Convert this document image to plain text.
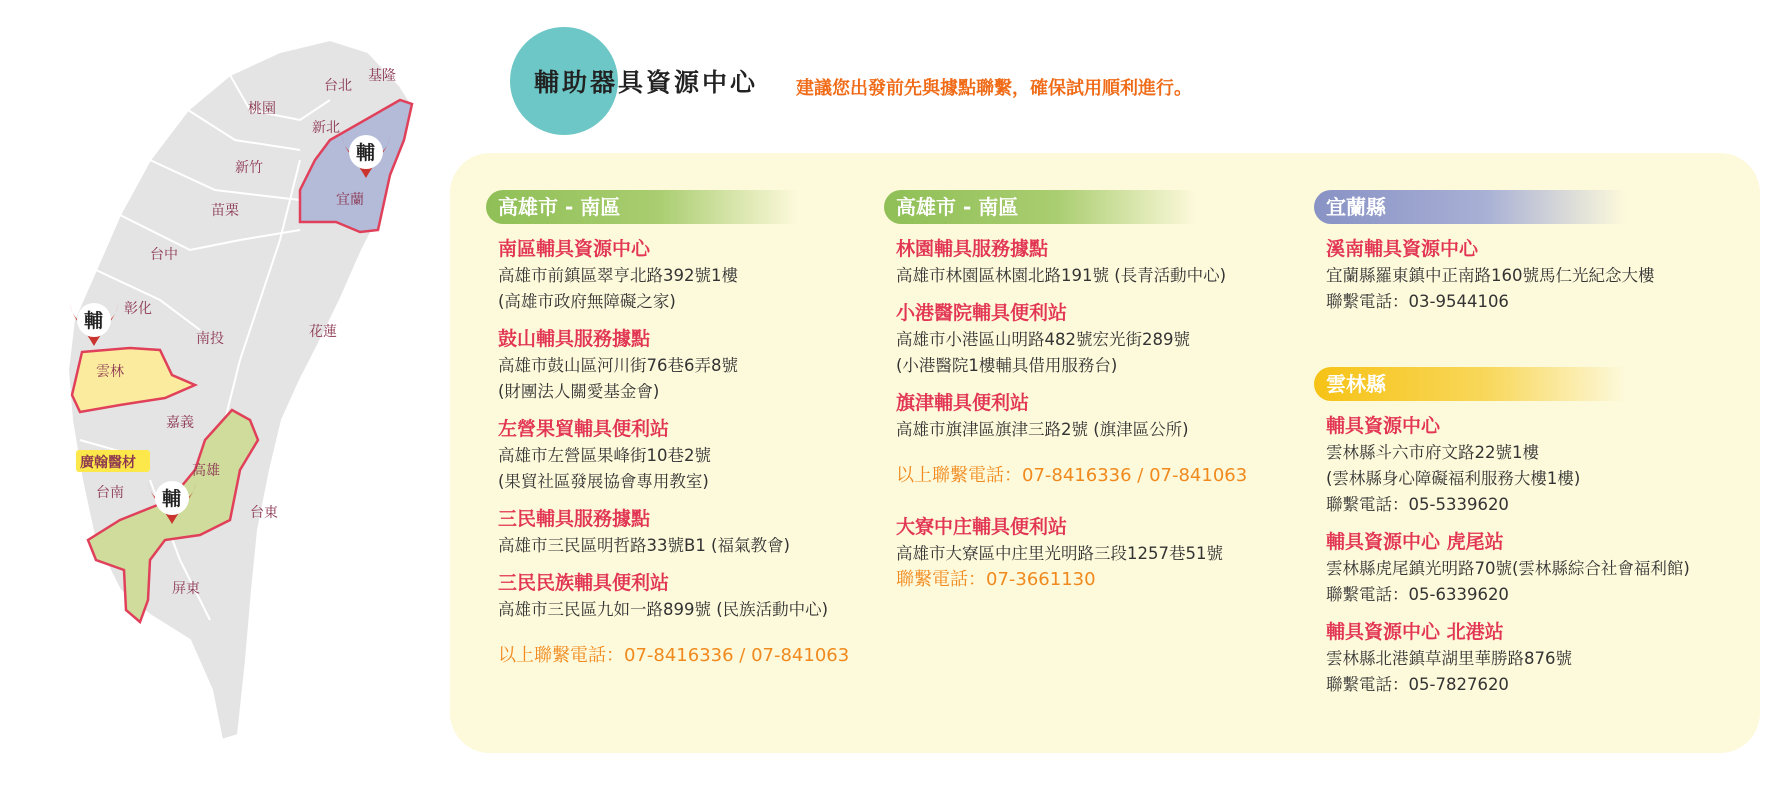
基隆
台北
新北
桃園
新竹
苗栗
台中
彰化
南投
雲林
嘉義
台南
高雄
屏東
花蓮
台東
宜蘭
廣翰醫材
輔
輔
輔
輔助器具資源中心 建議您出發前先與據點聯繫，確保試用順利進行。
高雄市 - 南區
南區輔具資源中心
高雄市前鎮區翠亨北路392號1樓
(高雄市政府無障礙之家)
鼓山輔具服務據點
高雄市鼓山區河川街76巷6弄8號
(財團法人關愛基金會)
左營果貿輔具便利站
高雄市左營區果峰街10巷2號
(果貿社區發展協會專用教室)
三民輔具服務據點
高雄市三民區明哲路33號B1 (福氣教會)
三民民族輔具便利站
高雄市三民區九如一路899號 (民族活動中心)
以上聯繫電話：07-8416336 / 07-841063
高雄市 - 南區
林園輔具服務據點
高雄市林園區林園北路191號 (長青活動中心)
小港醫院輔具便利站
高雄市小港區山明路482號宏光街289號
(小港醫院1樓輔具借用服務台)
旗津輔具便利站
高雄市旗津區旗津三路2號 (旗津區公所)
以上聯繫電話：07-8416336 / 07-841063
大寮中庄輔具便利站
高雄市大寮區中庄里光明路三段1257巷51號
聯繫電話：07-3661130
宜蘭縣
溪南輔具資源中心
宜蘭縣羅東鎮中正南路160號馬仁光紀念大樓
聯繫電話：03-9544106
雲林縣
輔具資源中心
雲林縣斗六市府文路22號1樓
(雲林縣身心障礙福利服務大樓1樓)
聯繫電話：05-5339620
輔具資源中心 虎尾站
雲林縣虎尾鎮光明路70號(雲林縣綜合社會福利館)
聯繫電話：05-6339620
輔具資源中心 北港站
雲林縣北港鎮草湖里華勝路876號
聯繫電話：05-7827620
